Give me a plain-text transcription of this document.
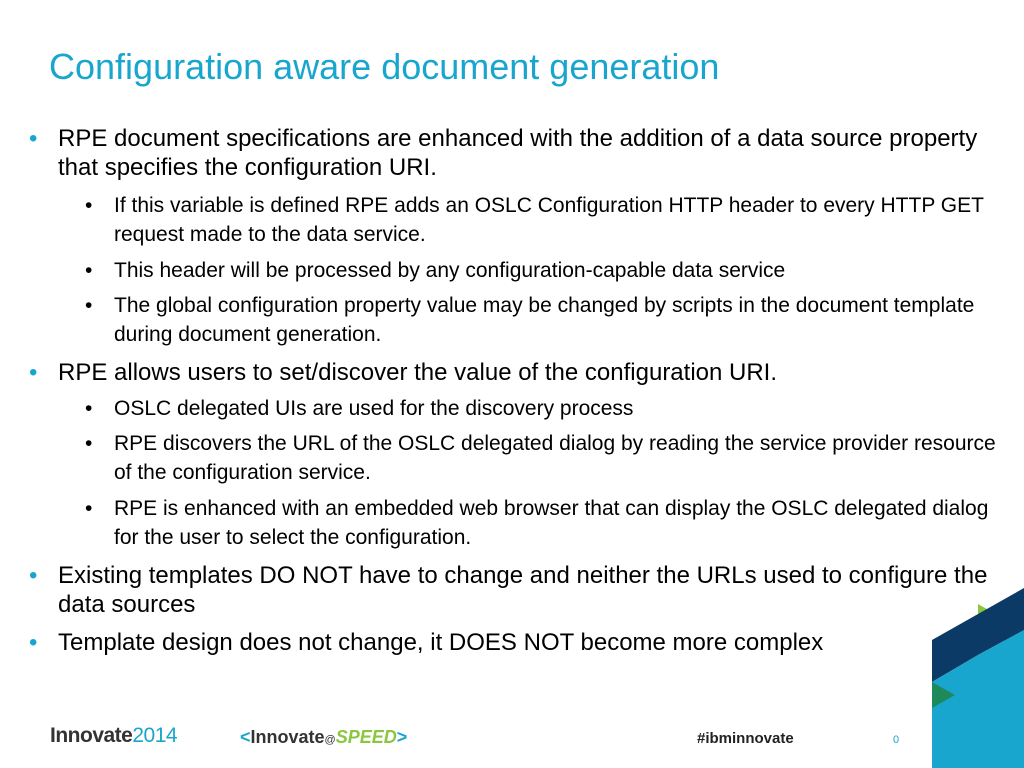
Configuration aware document generation
• RPE document specifications are enhanced with the addition of a data source property that specifies the configuration URI.
• If this variable is defined RPE adds an OSLC Configuration HTTP header to every HTTP GET request made to the data service.
• This header will be processed by any configuration-capable data service
• The global configuration property value may be changed by scripts in the document template during document generation.
• RPE allows users to set/discover the value of the configuration URI.
• OSLC delegated UIs are used for the discovery process
• RPE discovers the URL of the OSLC delegated dialog by reading the service provider resource of the configuration service.
• RPE is enhanced with an embedded web browser that can display the OSLC delegated dialog for the user to select the configuration.
• Existing templates DO NOT have to change and neither the URLs used to configure the data sources
• Template design does not change, it DOES NOT become more complex
Innovate2014	<Innovate@SPEED>	#ibminnovate	0
